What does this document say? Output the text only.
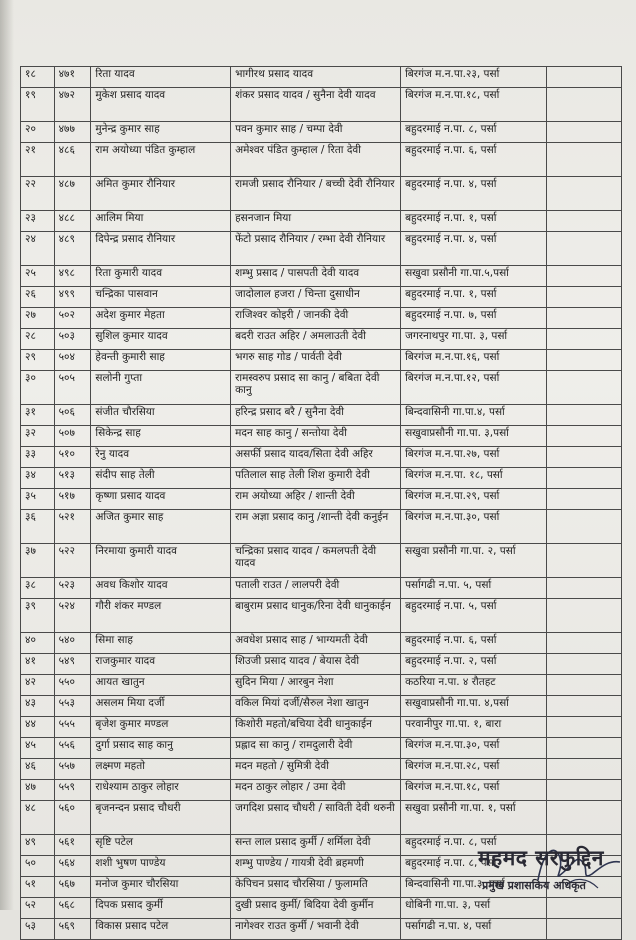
१८	४७१	रिता यादव	भागीरथ प्रसाद यादव	बिरगंज म.न.पा.२३, पर्सा	
१९	४७२	मुकेश प्रसाद यादव	शंकर प्रसाद यादव / सुनैना देवी यादव	बिरगंज म.न.पा.१८, पर्सा	
२०	४७७	मुनेन्द्र कुमार साह	पवन कुमार साह / चम्पा देवी	बहुदरमाई न.पा. ८, पर्सा	
२१	४८६	राम अयोध्या पंडित कुम्हाल	अमेश्वर पंडित कुम्हाल / रिता देवी	बहुदरमाई न.पा. ६, पर्सा	
२२	४८७	अमित कुमार रौनियार	रामजी प्रसाद रौनियार / बच्ची देवी रौनियार	बहुदरमाई न.पा. ४, पर्सा	
२३	४८८	आलिम मिया	हसनजान मिया	बहुदरमाई न.पा. १, पर्सा	
२४	४८९	दिपेन्द्र प्रसाद रौनियार	फेंटो प्रसाद रौनियार / रम्भा देवी रौनियार	बहुदरमाई न.पा. ४, पर्सा	
२५	४९८	रिता कुमारी यादव	शम्भु प्रसाद / पासपती देवी यादव	सखुवा प्रसौनी गा.पा.५,पर्सा	
२६	४९९	चन्द्रिका पासवान	जादोलाल हजरा / चिन्ता दुसाधीन	बहुदरमाई न.पा. १, पर्सा	
२७	५०२	अदेश कुमार मेहता	राजिश्वर कोइरी / जानकी देवी	बहुदरमाई न.पा. ७, पर्सा	
२८	५०३	सुशिल कुमार यादव	बदरी राउत अहिर / अमलाउती देवी	जगरनाथपुर गा.पा. ३, पर्सा	
२९	५०४	हेवन्ती कुमारी साह	भगरु साह गोड / पार्वती देवी	बिरगंज म.न.पा.१६, पर्सा	
३०	५०५	सलोनी गुप्ता	रामस्वरुप प्रसाद सा कानु / बबिता देवी कानु	बिरगंज म.न.पा.१२, पर्सा	
३१	५०६	संजीत चौरसिया	हरिन्द्र प्रसाद बरै / सुनैना देवी	बिन्दवासिनी गा.पा.४, पर्सा	
३२	५०७	सिकेन्द्र साह	मदन साह कानु / सन्तोया देवी	सखुवाप्रसौनी गा.पा. ३,पर्सा	
३३	५१०	रेनु यादव	असर्फी प्रसाद यादव/सिता देवी अहिर	बिरगंज म.न.पा.२७, पर्सा	
३४	५१३	संदीप साह तेली	पतिलाल साह तेली शिश कुमारी देवी	बिरगंज म.न.पा. १८, पर्सा	
३५	५१७	कृष्णा प्रसाद यादव	राम अयोध्या अहिर / शान्ती देवी	बिरगंज म.न.पा.२९, पर्सा	
३६	५२१	अजित कुमार साह	राम अज्ञा प्रसाद कानु /शान्ती देवी कनुईन	बिरगंज म.न.पा.३०, पर्सा	
३७	५२२	निरमाया कुमारी यादव	चन्द्रिका प्रसाद यादव / कमलपती देवी यादव	सखुवा प्रसौनी गा.पा. २, पर्सा	
३८	५२३	अवध किशोर यादव	पताली राउत / लालपरी देवी	पर्सागढी न.पा. ५, पर्सा	
३९	५२४	गौरी शंकर मण्डल	बाबुराम प्रसाद धानुक/रिना देवी धानुकाईन	बहुदरमाई न.पा. ५, पर्सा	
४०	५४०	सिमा साह	अवधेश प्रसाद साह / भाग्यमती देवी	बहुदरमाई न.पा. ६, पर्सा	
४१	५४९	राजकुमार यादव	शिउजी प्रसाद यादव / बेयास देवी	बहुदरमाई न.पा. २, पर्सा	
४२	५५०	आयत खातुन	सुदिन मिया / आरबुन नेशा	कठरिया न.पा. ४ रौतहट	
४३	५५३	असलम मिया दर्जी	वकिल मियां दर्जी/सैरुल नेशा खातुन	सखुवाप्रसौनी गा.पा. ४,पर्सा	
४४	५५५	बृजेश कुमार मण्डल	किशोरी महतो/बचिया देवी धानुकाईन	परवानीपुर गा.पा. १, बारा	
४५	५५६	दुर्गा प्रसाद साह कानु	प्रह्लाद सा कानु / रामदुलारी देवी	बिरगंज म.न.पा.३०, पर्सा	
४६	५५७	लक्ष्मण महतो	मदन महतो / सुमित्री देवी	बिरगंज म.न.पा.२८, पर्सा	
४७	५५९	राधेश्याम ठाकुर लोहार	मदन ठाकुर लोहार / उमा देवी	बिरगंज म.न.पा.१८, पर्सा	
४८	५६०	बृजनन्दन प्रसाद चौधरी	जगदिश प्रसाद चौधरी / साविती देवी थरुनी	सखुवा प्रसौनी गा.पा. १, पर्सा	
४९	५६१	सृष्टि पटेल	सन्त लाल प्रसाद कुर्मी / शर्मिला देवी	बहुदरमाई न.पा. ८, पर्सा	
५०	५६४	शशी भुषण पाण्डेय	शम्भु पाण्डेय / गायत्री देवी ब्रहमणी	बहुदरमाई न.पा. ८, पर्सा	
५१	५६७	मनोज कुमार चौरसिया	केपिचन प्रसाद चौरसिया / फुलामति	बिन्दवासिनी गा.पा.३, पर्सा	
५२	५६८	दिपक प्रसाद कुर्मी	दुखी प्रसाद कुर्मी/ बिदिया देवी कुर्मीन	धोबिनी गा.पा. ३, पर्सा	
५३	५६९	विकास प्रसाद पटेल	नागेश्वर राउत कुर्मी / भवानी देवी	पर्सागढी न.पा. ४, पर्सा	
महमद सरफुद्दिन
प्रमुख प्रशासकिय अधिकृत
